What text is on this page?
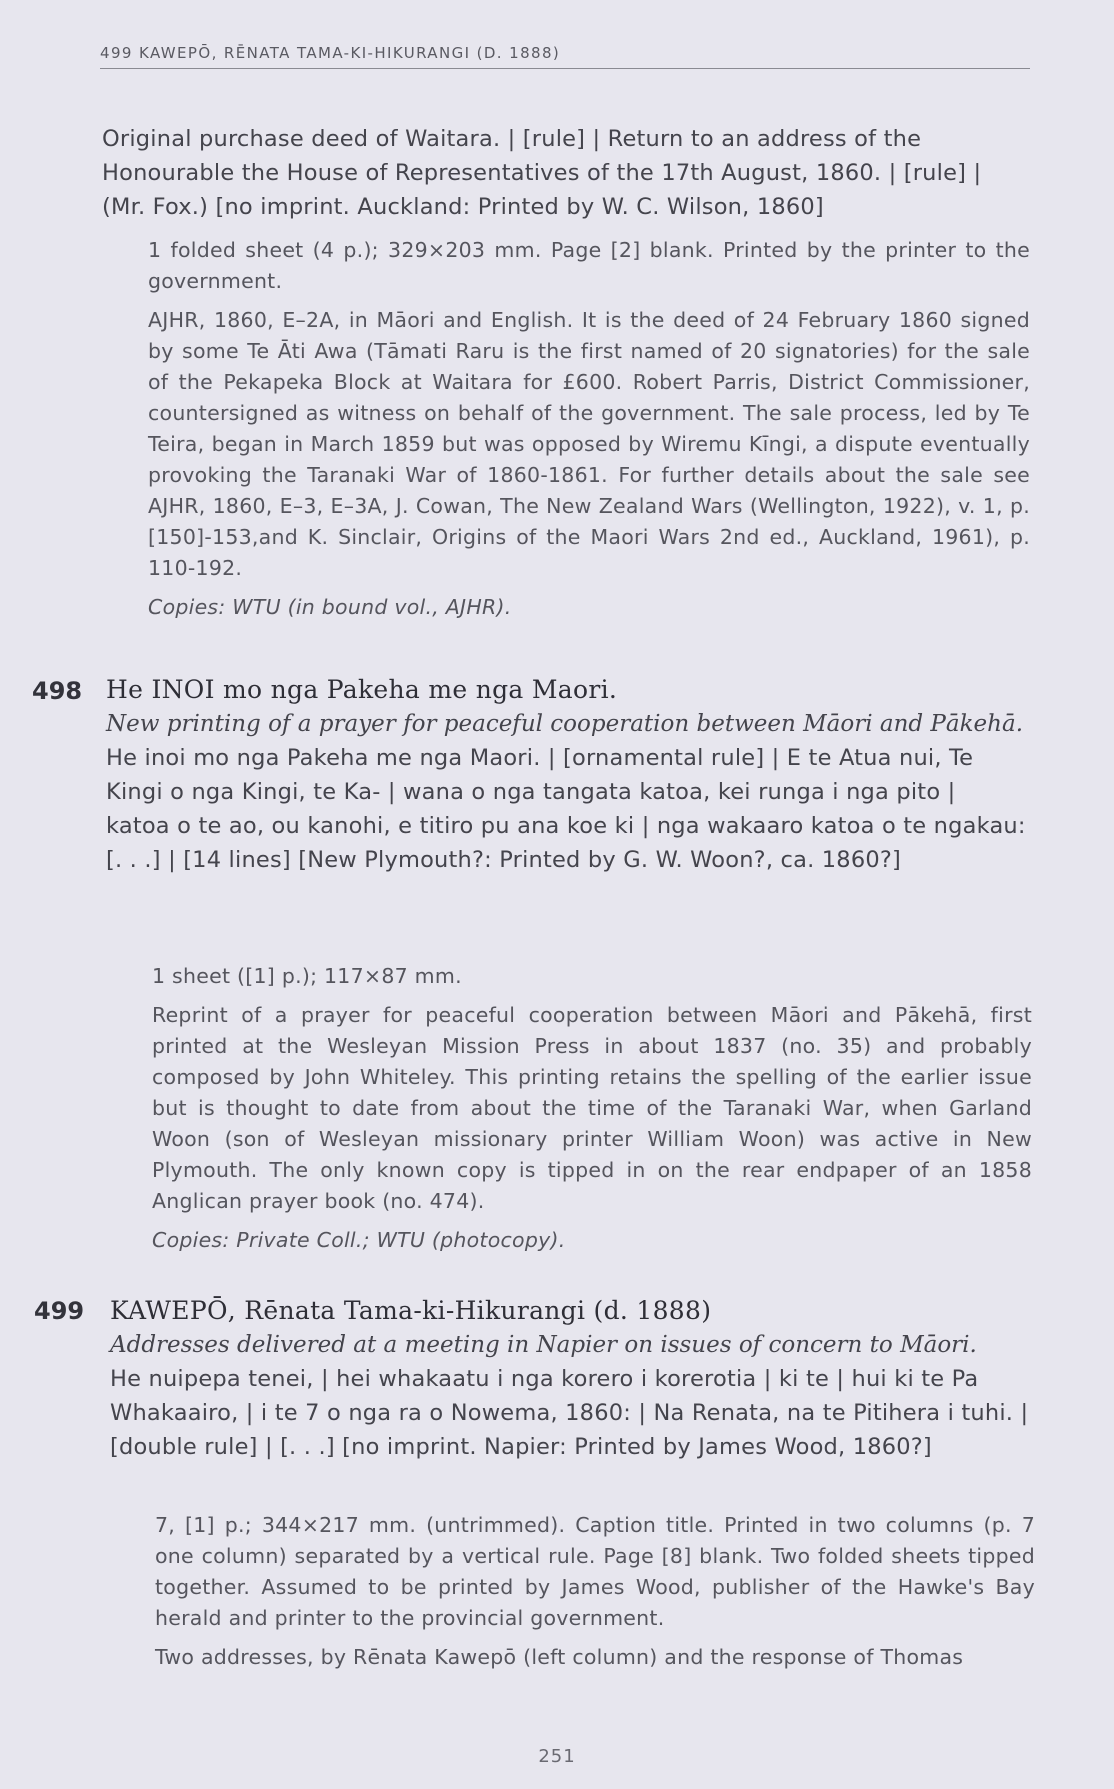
499 KAWEPŌ, RĒNATA TAMA-KI-HIKURANGI (D. 1888)

Original purchase deed of Waitara. | [rule] | Return to an address of the Honourable the House of Representatives of the 17th August, 1860. | [rule] | (Mr. Fox.) [no imprint. Auckland: Printed by W. C. Wilson, 1860]

1 folded sheet (4 p.); 329×203 mm. Page [2] blank. Printed by the printer to the government.

AJHR, 1860, E–2A, in Māori and English. It is the deed of 24 February 1860 signed by some Te Āti Awa (Tāmati Raru is the first named of 20 signatories) for the sale of the Pekapeka Block at Waitara for £600. Robert Parris, District Commissioner, countersigned as witness on behalf of the government. The sale process, led by Te Teira, began in March 1859 but was opposed by Wiremu Kīngi, a dispute eventually provoking the Taranaki War of 1860-1861. For further details about the sale see AJHR, 1860, E–3, E–3A, J. Cowan, The New Zealand Wars (Wellington, 1922), v. 1, p. [150]-153,and K. Sinclair, Origins of the Maori Wars 2nd ed., Auckland, 1961), p. 110-192.

Copies: WTU (in bound vol., AJHR).

498 He INOI mo nga Pakeha me nga Maori.

New printing of a prayer for peaceful cooperation between Māori and Pākehā.

He inoi mo nga Pakeha me nga Maori. | [ornamental rule] | E te Atua nui, Te Kingi o nga Kingi, te Ka- | wana o nga tangata katoa, kei runga i nga pito | katoa o te ao, ou kanohi, e titiro pu ana koe ki | nga wakaaro katoa o te ngakau: [. . .] | [14 lines] [New Plymouth?: Printed by G. W. Woon?, ca. 1860?]

1 sheet ([1] p.); 117×87 mm.

Reprint of a prayer for peaceful cooperation between Māori and Pākehā, first printed at the Wesleyan Mission Press in about 1837 (no. 35) and probably composed by John Whiteley. This printing retains the spelling of the earlier issue but is thought to date from about the time of the Taranaki War, when Garland Woon (son of Wesleyan missionary printer William Woon) was active in New Plymouth. The only known copy is tipped in on the rear endpaper of an 1858 Anglican prayer book (no. 474).

Copies: Private Coll.; WTU (photocopy).

499 KAWEPŌ, Rēnata Tama-ki-Hikurangi (d. 1888)

Addresses delivered at a meeting in Napier on issues of concern to Māori.

He nuipepa tenei, | hei whakaatu i nga korero i korerotia | ki te | hui ki te Pa Whakaairo, | i te 7 o nga ra o Nowema, 1860: | Na Renata, na te Pitihera i tuhi. | [double rule] | [. . .] [no imprint. Napier: Printed by James Wood, 1860?]

7, [1] p.; 344×217 mm. (untrimmed). Caption title. Printed in two columns (p. 7 one column) separated by a vertical rule. Page [8] blank. Two folded sheets tipped together. Assumed to be printed by James Wood, publisher of the Hawke's Bay herald and printer to the provincial government.

Two addresses, by Rēnata Kawepō (left column) and the response of Thomas

251
